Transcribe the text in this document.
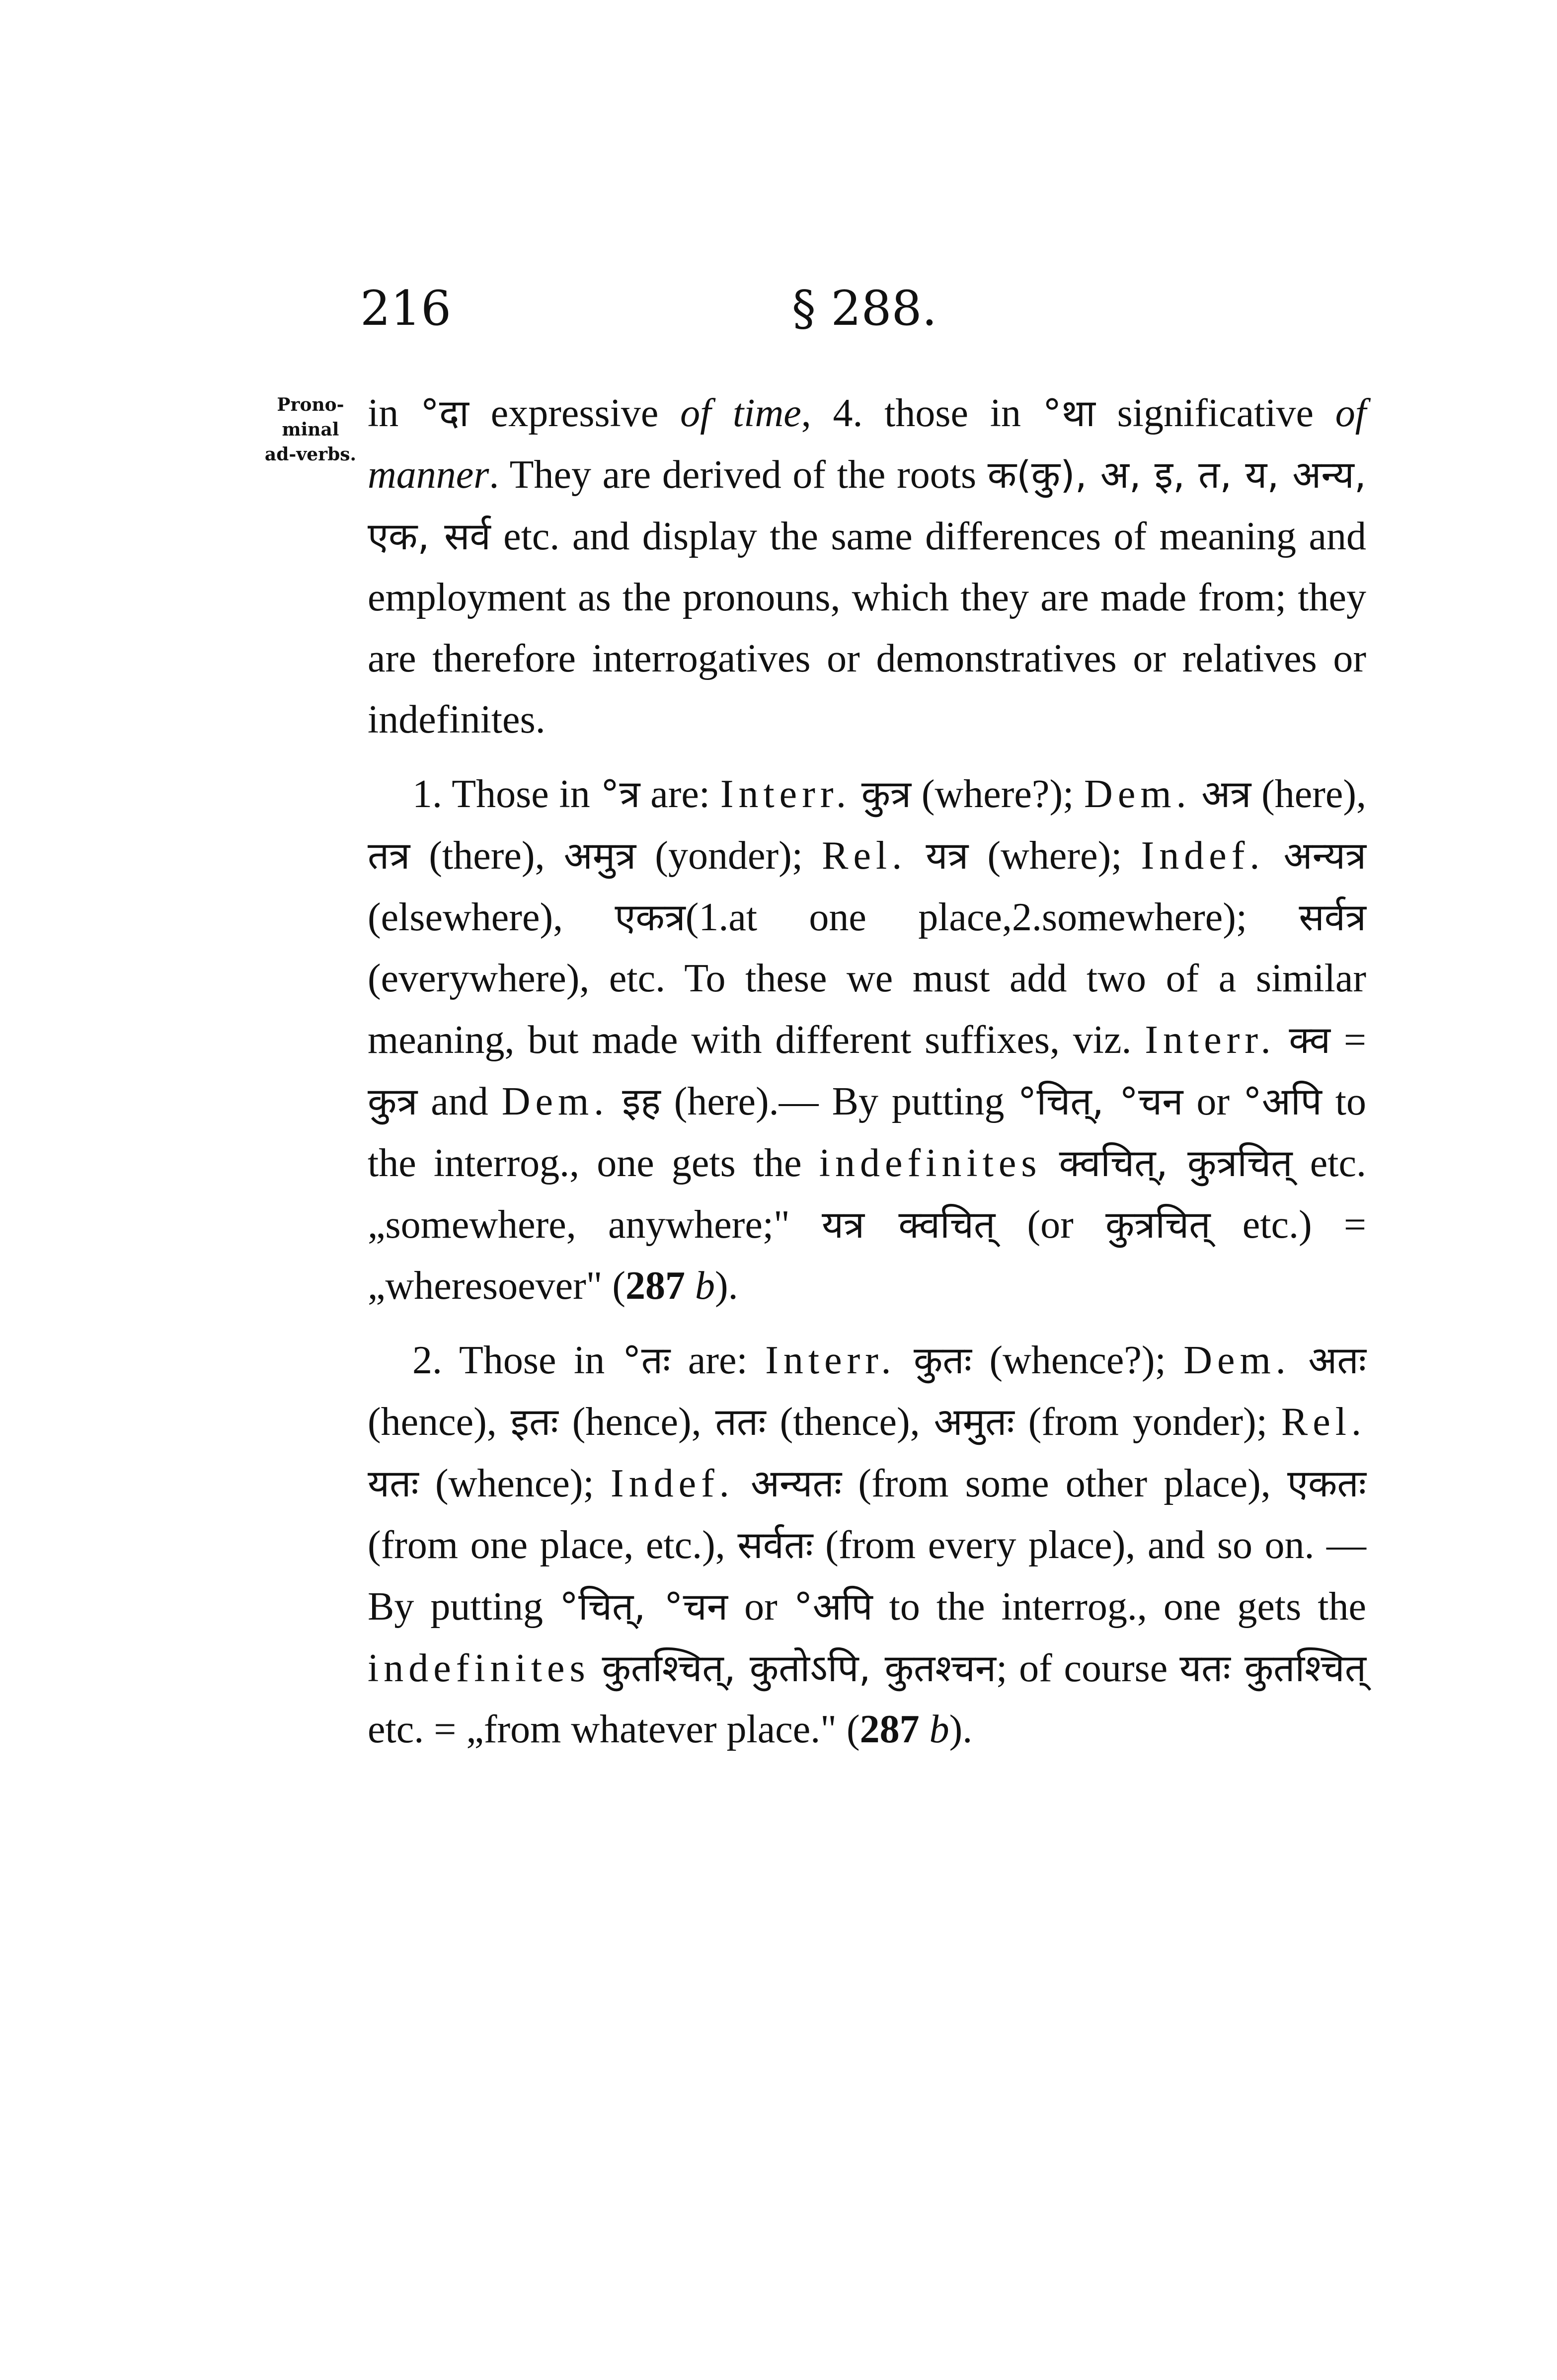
216	§ 288.
Prono-minal ad-verbs.

in °दा expressive of time, 4. those in °था significative of manner. They are derived of the roots क(कु), अ, इ, त, य, अन्य, एक, सर्व etc. and display the same differences of meaning and employment as the pronouns, which they are made from; they are therefore interrogatives or demonstratives or relatives or indefinites.

1. Those in °त्र are: Interr. कुत्र (where?); Dem. अत्र (here), तत्र (there), अमुत्र (yonder); Rel. यत्र (where); Indef. अन्यत्र (elsewhere), एकत्र(1.at one place,2.somewhere); सर्वत्र (everywhere), etc. To these we must add two of a similar meaning, but made with different suffixes, viz. Interr. क्व = कुत्र and Dem. इह (here).— By putting °चित्, °चन or °अपि to the interrog., one gets the indefinites क्वचित्, कुत्रचित् etc. „somewhere, anywhere;" यत्र क्वचित् (or कुत्रचित् etc.) = „wheresoever" (287 b).

2. Those in °तः are: Interr. कुतः (whence?); Dem. अतः (hence), इतः (hence), ततः (thence), अमुतः (from yonder); Rel. यतः (whence); Indef. अन्यतः (from some other place), एकतः (from one place, etc.), सर्वतः (from every place), and so on. — By putting °चित्, °चन or °अपि to the interrog., one gets the indefinites कुतश्चित्, कुतोऽपि, कुतश्चन; of course यतः कुतश्चित् etc. = „from whatever place." (287 b).
